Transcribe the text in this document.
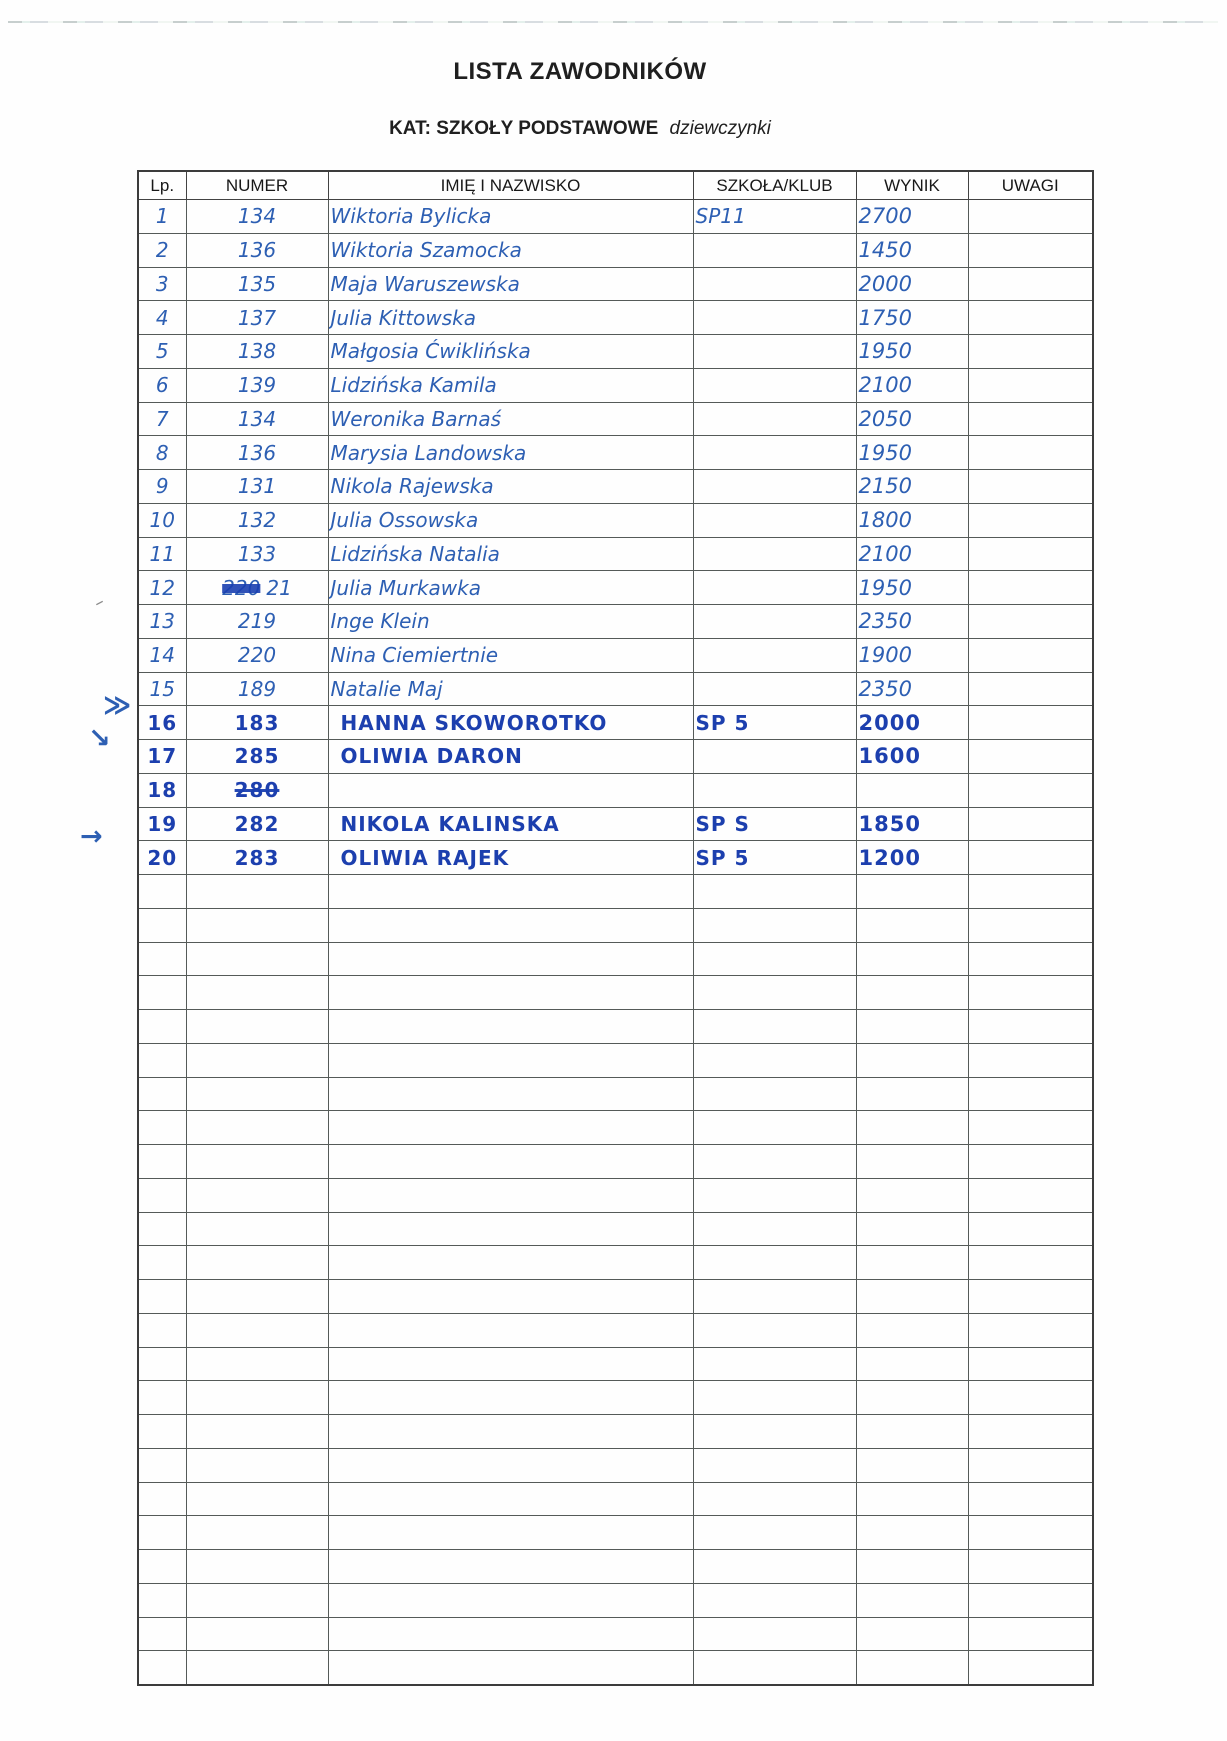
LISTA ZAWODNIKÓW
KAT: SZKOŁY PODSTAWOWE dziewczynki
Lp.	NUMER	IMIĘ I NAZWISKO	SZKOŁA/KLUB	WYNIK	UWAGI
1	134	Wiktoria Bylicka	SP11	2700	
2	136	Wiktoria Szamocka		1450	
3	135	Maja Waruszewska		2000	
4	137	Julia Kittowska		1750	
5	138	Małgosia Ćwiklińska		1950	
6	139	Lidzińska Kamila		2100	
7	134	Weronika Barnaś		2050	
8	136	Marysia Landowska		1950	
9	131	Nikola Rajewska		2150	
10	132	Julia Ossowska		1800	
11	133	Lidzińska Natalia		2100	
12	220 21	Julia Murkawka		1950	
13	219	Inge Klein		2350	
14	220	Nina Ciemiertnie		1900	
15	189	Natalie Maj		2350	
16	183	HANNA SKOWOROTKO	SP 5	2000	
17	285	OLIWIA DARON		1600	
18	280				
19	282	NIKOLA KALINSKA	SP S	1850	
20	283	OLIWIA RAJEK	SP 5	1200	

–
≫
↘
→
